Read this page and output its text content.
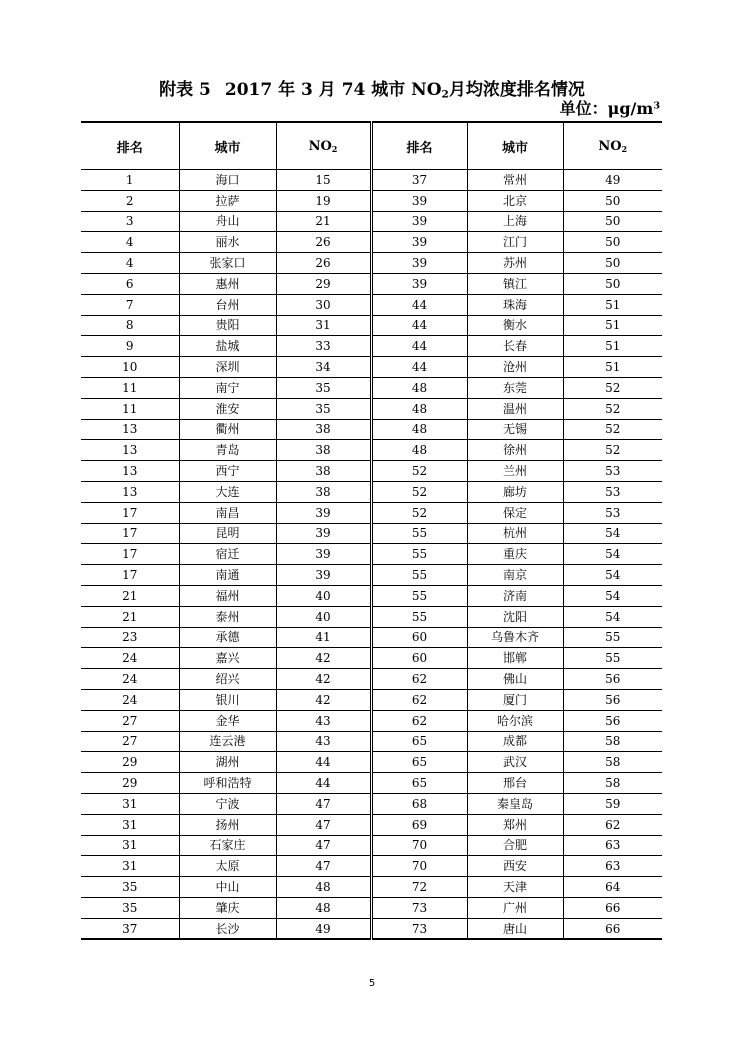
附表 5 2017 年 3 月 74 城市 $NO_2$月均浓度排名情况
单位：$\mu g/m^3$
排名	城市	$NO_2$	排名	城市	$NO_2$
1	海口	15	37	常州	49
2	拉萨	19	39	北京	50
3	舟山	21	39	上海	50
4	丽水	26	39	江门	50
4	张家口	26	39	苏州	50
6	惠州	29	39	镇江	50
7	台州	30	44	珠海	51
8	贵阳	31	44	衡水	51
9	盐城	33	44	长春	51
10	深圳	34	44	沧州	51
11	南宁	35	48	东莞	52
11	淮安	35	48	温州	52
13	衢州	38	48	无锡	52
13	青岛	38	48	徐州	52
13	西宁	38	52	兰州	53
13	大连	38	52	廊坊	53
17	南昌	39	52	保定	53
17	昆明	39	55	杭州	54
17	宿迁	39	55	重庆	54
17	南通	39	55	南京	54
21	福州	40	55	济南	54
21	泰州	40	55	沈阳	54
23	承德	41	60	乌鲁木齐	55
24	嘉兴	42	60	邯郸	55
24	绍兴	42	62	佛山	56
24	银川	42	62	厦门	56
27	金华	43	62	哈尔滨	56
27	连云港	43	65	成都	58
29	湖州	44	65	武汉	58
29	呼和浩特	44	65	邢台	58
31	宁波	47	68	秦皇岛	59
31	扬州	47	69	郑州	62
31	石家庄	47	70	合肥	63
31	太原	47	70	西安	63
35	中山	48	72	天津	64
35	肇庆	48	73	广州	66
37	长沙	49	73	唐山	66
5
